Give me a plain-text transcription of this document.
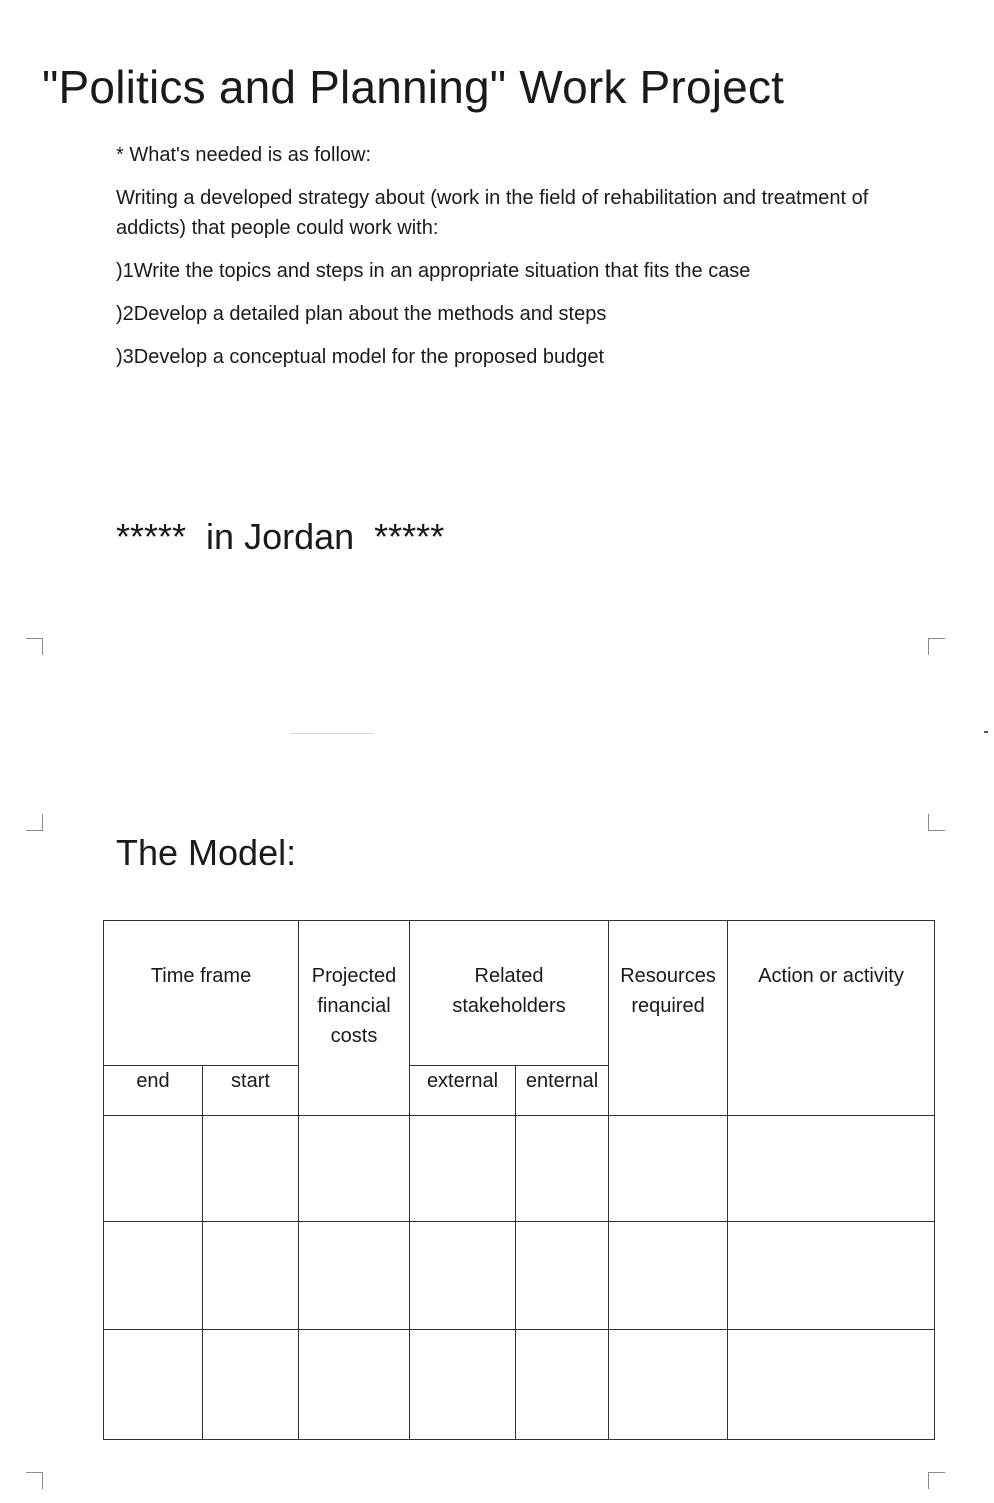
"Politics and Planning" Work Project

* What's needed is as follow:

Writing a developed strategy about (work in the field of rehabilitation and treatment of addicts) that people could work with:

)1Write the topics and steps in an appropriate situation that fits the case

)2Develop a detailed plan about the methods and steps

)3Develop a conceptual model for the proposed budget

*****  in Jordan  *****

The Model:

Time frame		Projected financial costs	Related stakeholders		Resources required	Action or activity
end	start		external	enternal		
